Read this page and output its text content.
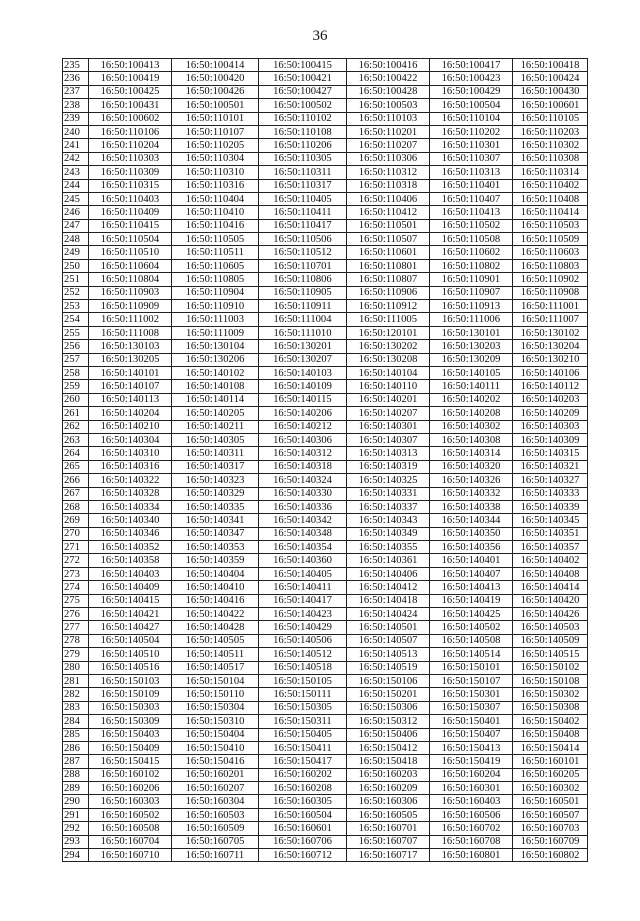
36
235	16:50:100413	16:50:100414	16:50:100415	16:50:100416	16:50:100417	16:50:100418
236	16:50:100419	16:50:100420	16:50:100421	16:50:100422	16:50:100423	16:50:100424
237	16:50:100425	16:50:100426	16:50:100427	16:50:100428	16:50:100429	16:50:100430
238	16:50:100431	16:50:100501	16:50:100502	16:50:100503	16:50:100504	16:50:100601
239	16:50:100602	16:50:110101	16:50:110102	16:50:110103	16:50:110104	16:50:110105
240	16:50:110106	16:50:110107	16:50:110108	16:50:110201	16:50:110202	16:50:110203
241	16:50:110204	16:50:110205	16:50:110206	16:50:110207	16:50:110301	16:50:110302
242	16:50:110303	16:50:110304	16:50:110305	16:50:110306	16:50:110307	16:50:110308
243	16:50:110309	16:50:110310	16:50:110311	16:50:110312	16:50:110313	16:50:110314
244	16:50:110315	16:50:110316	16:50:110317	16:50:110318	16:50:110401	16:50:110402
245	16:50:110403	16:50:110404	16:50:110405	16:50:110406	16:50:110407	16:50:110408
246	16:50:110409	16:50:110410	16:50:110411	16:50:110412	16:50:110413	16:50:110414
247	16:50:110415	16:50:110416	16:50:110417	16:50:110501	16:50:110502	16:50:110503
248	16:50:110504	16:50:110505	16:50:110506	16:50:110507	16:50:110508	16:50:110509
249	16:50:110510	16:50:110511	16:50:110512	16:50:110601	16:50:110602	16:50:110603
250	16:50:110604	16:50:110605	16:50:110701	16:50:110801	16:50:110802	16:50:110803
251	16:50:110804	16:50:110805	16:50:110806	16:50:110807	16:50:110901	16:50:110902
252	16:50:110903	16:50:110904	16:50:110905	16:50:110906	16:50:110907	16:50:110908
253	16:50:110909	16:50:110910	16:50:110911	16:50:110912	16:50:110913	16:50:111001
254	16:50:111002	16:50:111003	16:50:111004	16:50:111005	16:50:111006	16:50:111007
255	16:50:111008	16:50:111009	16:50:111010	16:50:120101	16:50:130101	16:50:130102
256	16:50:130103	16:50:130104	16:50:130201	16:50:130202	16:50:130203	16:50:130204
257	16:50:130205	16:50:130206	16:50:130207	16:50:130208	16:50:130209	16:50:130210
258	16:50:140101	16:50:140102	16:50:140103	16:50:140104	16:50:140105	16:50:140106
259	16:50:140107	16:50:140108	16:50:140109	16:50:140110	16:50:140111	16:50:140112
260	16:50:140113	16:50:140114	16:50:140115	16:50:140201	16:50:140202	16:50:140203
261	16:50:140204	16:50:140205	16:50:140206	16:50:140207	16:50:140208	16:50:140209
262	16:50:140210	16:50:140211	16:50:140212	16:50:140301	16:50:140302	16:50:140303
263	16:50:140304	16:50:140305	16:50:140306	16:50:140307	16:50:140308	16:50:140309
264	16:50:140310	16:50:140311	16:50:140312	16:50:140313	16:50:140314	16:50:140315
265	16:50:140316	16:50:140317	16:50:140318	16:50:140319	16:50:140320	16:50:140321
266	16:50:140322	16:50:140323	16:50:140324	16:50:140325	16:50:140326	16:50:140327
267	16:50:140328	16:50:140329	16:50:140330	16:50:140331	16:50:140332	16:50:140333
268	16:50:140334	16:50:140335	16:50:140336	16:50:140337	16:50:140338	16:50:140339
269	16:50:140340	16:50:140341	16:50:140342	16:50:140343	16:50:140344	16:50:140345
270	16:50:140346	16:50:140347	16:50:140348	16:50:140349	16:50:140350	16:50:140351
271	16:50:140352	16:50:140353	16:50:140354	16:50:140355	16:50:140356	16:50:140357
272	16:50:140358	16:50:140359	16:50:140360	16:50:140361	16:50:140401	16:50:140402
273	16:50:140403	16:50:140404	16:50:140405	16:50:140406	16:50:140407	16:50:140408
274	16:50:140409	16:50:140410	16:50:140411	16:50:140412	16:50:140413	16:50:140414
275	16:50:140415	16:50:140416	16:50:140417	16:50:140418	16:50:140419	16:50:140420
276	16:50:140421	16:50:140422	16:50:140423	16:50:140424	16:50:140425	16:50:140426
277	16:50:140427	16:50:140428	16:50:140429	16:50:140501	16:50:140502	16:50:140503
278	16:50:140504	16:50:140505	16:50:140506	16:50:140507	16:50:140508	16:50:140509
279	16:50:140510	16:50:140511	16:50:140512	16:50:140513	16:50:140514	16:50:140515
280	16:50:140516	16:50:140517	16:50:140518	16:50:140519	16:50:150101	16:50:150102
281	16:50:150103	16:50:150104	16:50:150105	16:50:150106	16:50:150107	16:50:150108
282	16:50:150109	16:50:150110	16:50:150111	16:50:150201	16:50:150301	16:50:150302
283	16:50:150303	16:50:150304	16:50:150305	16:50:150306	16:50:150307	16:50:150308
284	16:50:150309	16:50:150310	16:50:150311	16:50:150312	16:50:150401	16:50:150402
285	16:50:150403	16:50:150404	16:50:150405	16:50:150406	16:50:150407	16:50:150408
286	16:50:150409	16:50:150410	16:50:150411	16:50:150412	16:50:150413	16:50:150414
287	16:50:150415	16:50:150416	16:50:150417	16:50:150418	16:50:150419	16:50:160101
288	16:50:160102	16:50:160201	16:50:160202	16:50:160203	16:50:160204	16:50:160205
289	16:50:160206	16:50:160207	16:50:160208	16:50:160209	16:50:160301	16:50:160302
290	16:50:160303	16:50:160304	16:50:160305	16:50:160306	16:50:160403	16:50:160501
291	16:50:160502	16:50:160503	16:50:160504	16:50:160505	16:50:160506	16:50:160507
292	16:50:160508	16:50:160509	16:50:160601	16:50:160701	16:50:160702	16:50:160703
293	16:50:160704	16:50:160705	16:50:160706	16:50:160707	16:50:160708	16:50:160709
294	16:50:160710	16:50:160711	16:50:160712	16:50:160717	16:50:160801	16:50:160802
